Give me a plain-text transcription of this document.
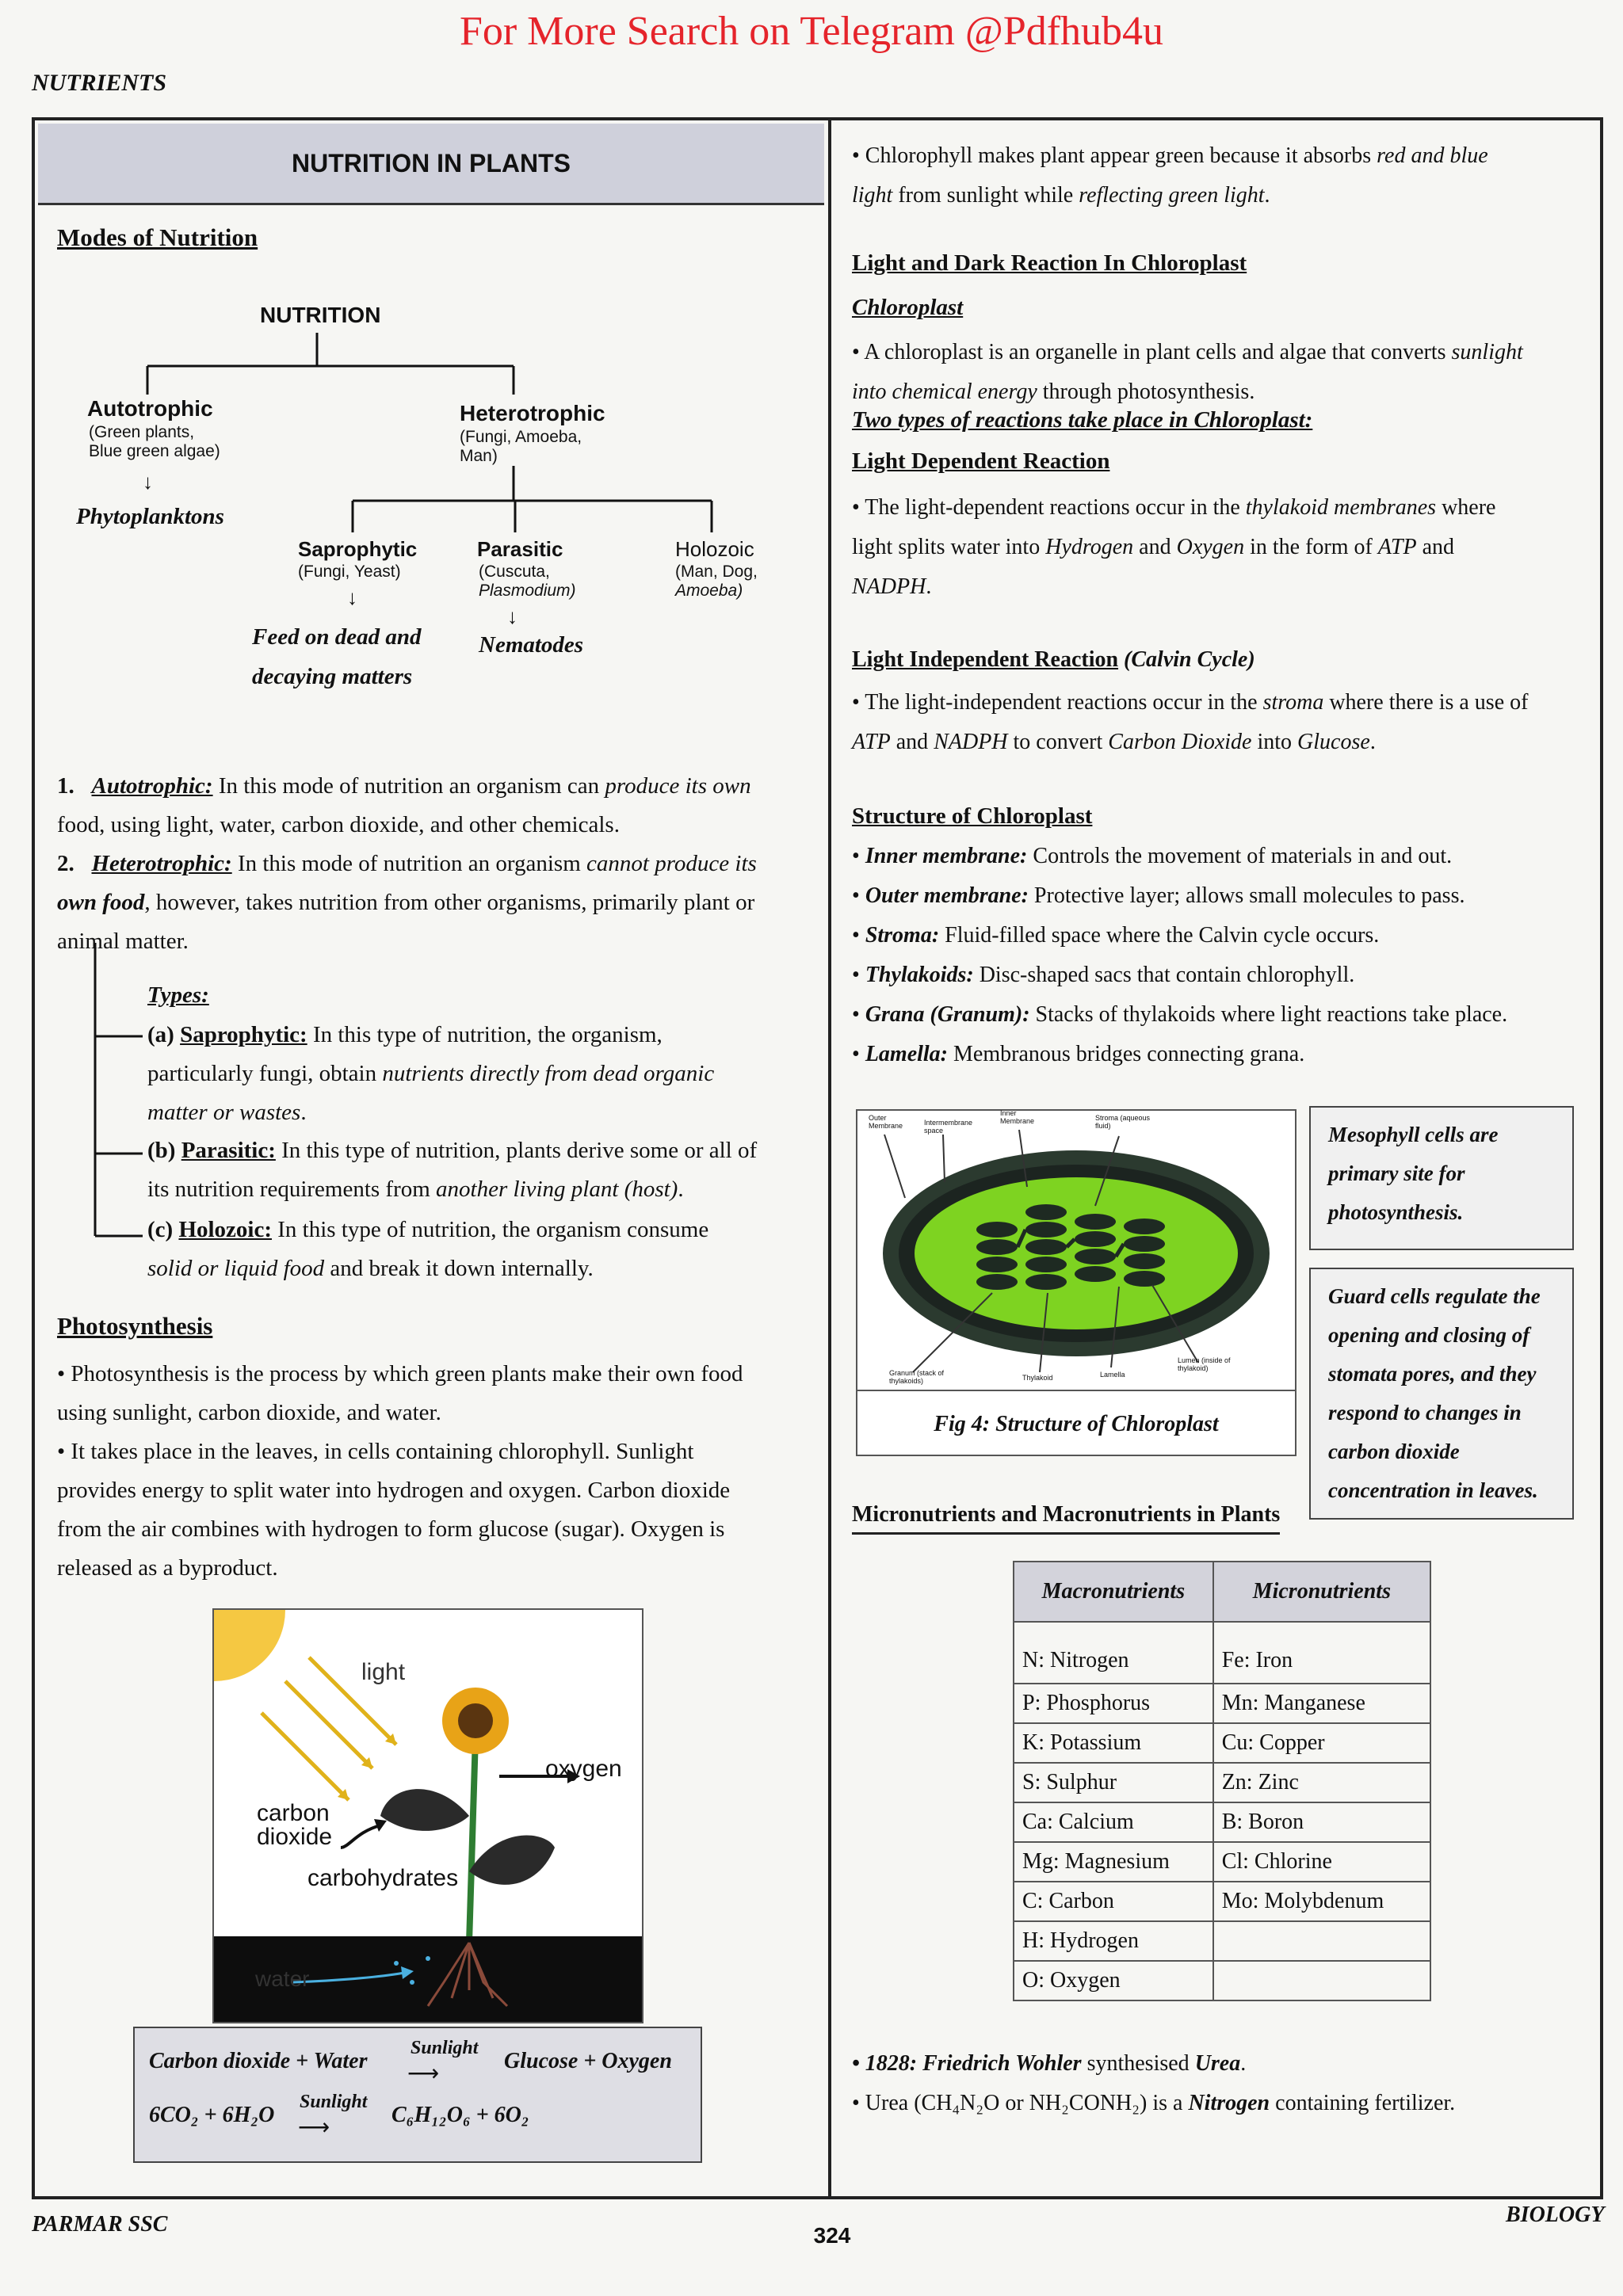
For More Search on Telegram @Pdfhub4u
NUTRIENTS
NUTRITION IN PLANTS
Modes of Nutrition
NUTRITION
Autotrophic
(Green plants,
Blue green algae)
↓
Phytoplanktons
Heterotrophic
(Fungi, Amoeba,
Man)
Saprophytic
(Fungi, Yeast)
↓
Feed on dead and
decaying matters
Parasitic
(Cuscuta,
Plasmodium)
↓
Nematodes
Holozoic
(Man, Dog,
Amoeba)
1. Autotrophic: In this mode of nutrition an organism can produce its own
food, using light, water, carbon dioxide, and other chemicals.
2. Heterotrophic: In this mode of nutrition an organism cannot produce its
own food, however, takes nutrition from other organisms, primarily plant or
animal matter.
Types:
(a) Saprophytic: In this type of nutrition, the organism,
particularly fungi, obtain nutrients directly from dead organic
matter or wastes.
(b) Parasitic: In this type of nutrition, plants derive some or all of
its nutrition requirements from another living plant (host).
(c) Holozoic: In this type of nutrition, the organism consume
solid or liquid food and break it down internally.
Photosynthesis
• Photosynthesis is the process by which green plants make their own food
using sunlight, carbon dioxide, and water.
• It takes place in the leaves, in cells containing chlorophyll. Sunlight
provides energy to split water into hydrogen and oxygen. Carbon dioxide
from the air combines with hydrogen to form glucose (sugar). Oxygen is
released as a byproduct.
light
oxygen
carbon
dioxide
carbohydrates
water
Carbon dioxide + Water
Sunlight
⟶
Glucose + Oxygen
6CO₂ + 6H₂O
Sunlight
⟶
C₆H₁₂O₆ + 6O₂
• Chlorophyll makes plant appear green because it absorbs red and blue
light from sunlight while reflecting green light.
Light and Dark Reaction In Chloroplast
Chloroplast
• A chloroplast is an organelle in plant cells and algae that converts sunlight
into chemical energy through photosynthesis.
Two types of reactions take place in Chloroplast:
Light Dependent Reaction
• The light-dependent reactions occur in the thylakoid membranes where
light splits water into Hydrogen and Oxygen in the form of ATP and
NADPH.
Light Independent Reaction (Calvin Cycle)
• The light-independent reactions occur in the stroma where there is a use of
ATP and NADPH to convert Carbon Dioxide into Glucose.
Structure of Chloroplast
• Inner membrane: Controls the movement of materials in and out.
• Outer membrane: Protective layer; allows small molecules to pass.
• Stroma: Fluid-filled space where the Calvin cycle occurs.
• Thylakoids: Disc-shaped sacs that contain chlorophyll.
• Grana (Granum): Stacks of thylakoids where light reactions take place.
• Lamella: Membranous bridges connecting grana.
Outer Membrane	Intermembrane space
Inner Membrane	Stroma (aqueous fluid)
Granum (stack of thylakoids)	Thylakoid	Lamella
Lumen (inside of thylakoid)
Fig 4: Structure of Chloroplast
Mesophyll cells are
primary site for
photosynthesis.
Guard cells regulate the
opening and closing of
stomata pores, and they
respond to changes in
carbon dioxide
concentration in leaves.
Micronutrients and Macronutrients in Plants
Macronutrients	Micronutrients
N: Nitrogen	Fe: Iron
P: Phosphorus	Mn: Manganese
K: Potassium	Cu: Copper
S: Sulphur	Zn: Zinc
Ca: Calcium	B: Boron
Mg: Magnesium	Cl: Chlorine
C: Carbon	Mo: Molybdenum
H: Hydrogen	
O: Oxygen	
• 1828: Friedrich Wohler synthesised Urea.
• Urea (CH₄N₂O or NH₂CONH₂) is a Nitrogen containing fertilizer.
PARMAR SSC	324
BIOLOGY
